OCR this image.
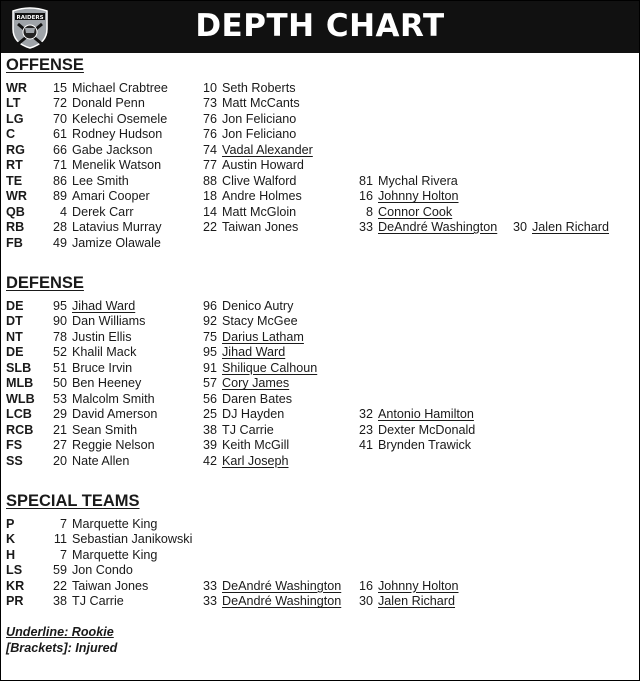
RAIDERS	DEPTH CHART
OFFENSE
WR	15 Michael Crabtree	10 Seth Roberts
LT	72 Donald Penn	73 Matt McCants
LG	70 Kelechi Osemele	76 Jon Feliciano
C	61 Rodney Hudson	76 Jon Feliciano
RG	66 Gabe Jackson	74 Vadal Alexander
RT	71 Menelik Watson	77 Austin Howard
TE	86 Lee Smith	88 Clive Walford	81 Mychal Rivera
WR	89 Amari Cooper	18 Andre Holmes	16 Johnny Holton
QB	4 Derek Carr	14 Matt McGloin	8 Connor Cook
RB	28 Latavius Murray	22 Taiwan Jones	33 DeAndré Washington	30 Jalen Richard
FB	49 Jamize Olawale
DEFENSE
DE	95 Jihad Ward	96 Denico Autry
DT	90 Dan Williams	92 Stacy McGee
NT	78 Justin Ellis	75 Darius Latham
DE	52 Khalil Mack	95 Jihad Ward
SLB	51 Bruce Irvin	91 Shilique Calhoun
MLB	50 Ben Heeney	57 Cory James
WLB	53 Malcolm Smith	56 Daren Bates
LCB	29 David Amerson	25 DJ Hayden	32 Antonio Hamilton
RCB	21 Sean Smith	38 TJ Carrie	23 Dexter McDonald
FS	27 Reggie Nelson	39 Keith McGill	41 Brynden Trawick
SS	20 Nate Allen	42 Karl Joseph
SPECIAL TEAMS
P	7 Marquette King
K	11 Sebastian Janikowski
H	7 Marquette King
LS	59 Jon Condo
KR	22 Taiwan Jones	33 DeAndré Washington	16 Johnny Holton
PR	38 TJ Carrie	33 DeAndré Washington	30 Jalen Richard
Underline: Rookie
[Brackets]: Injured
